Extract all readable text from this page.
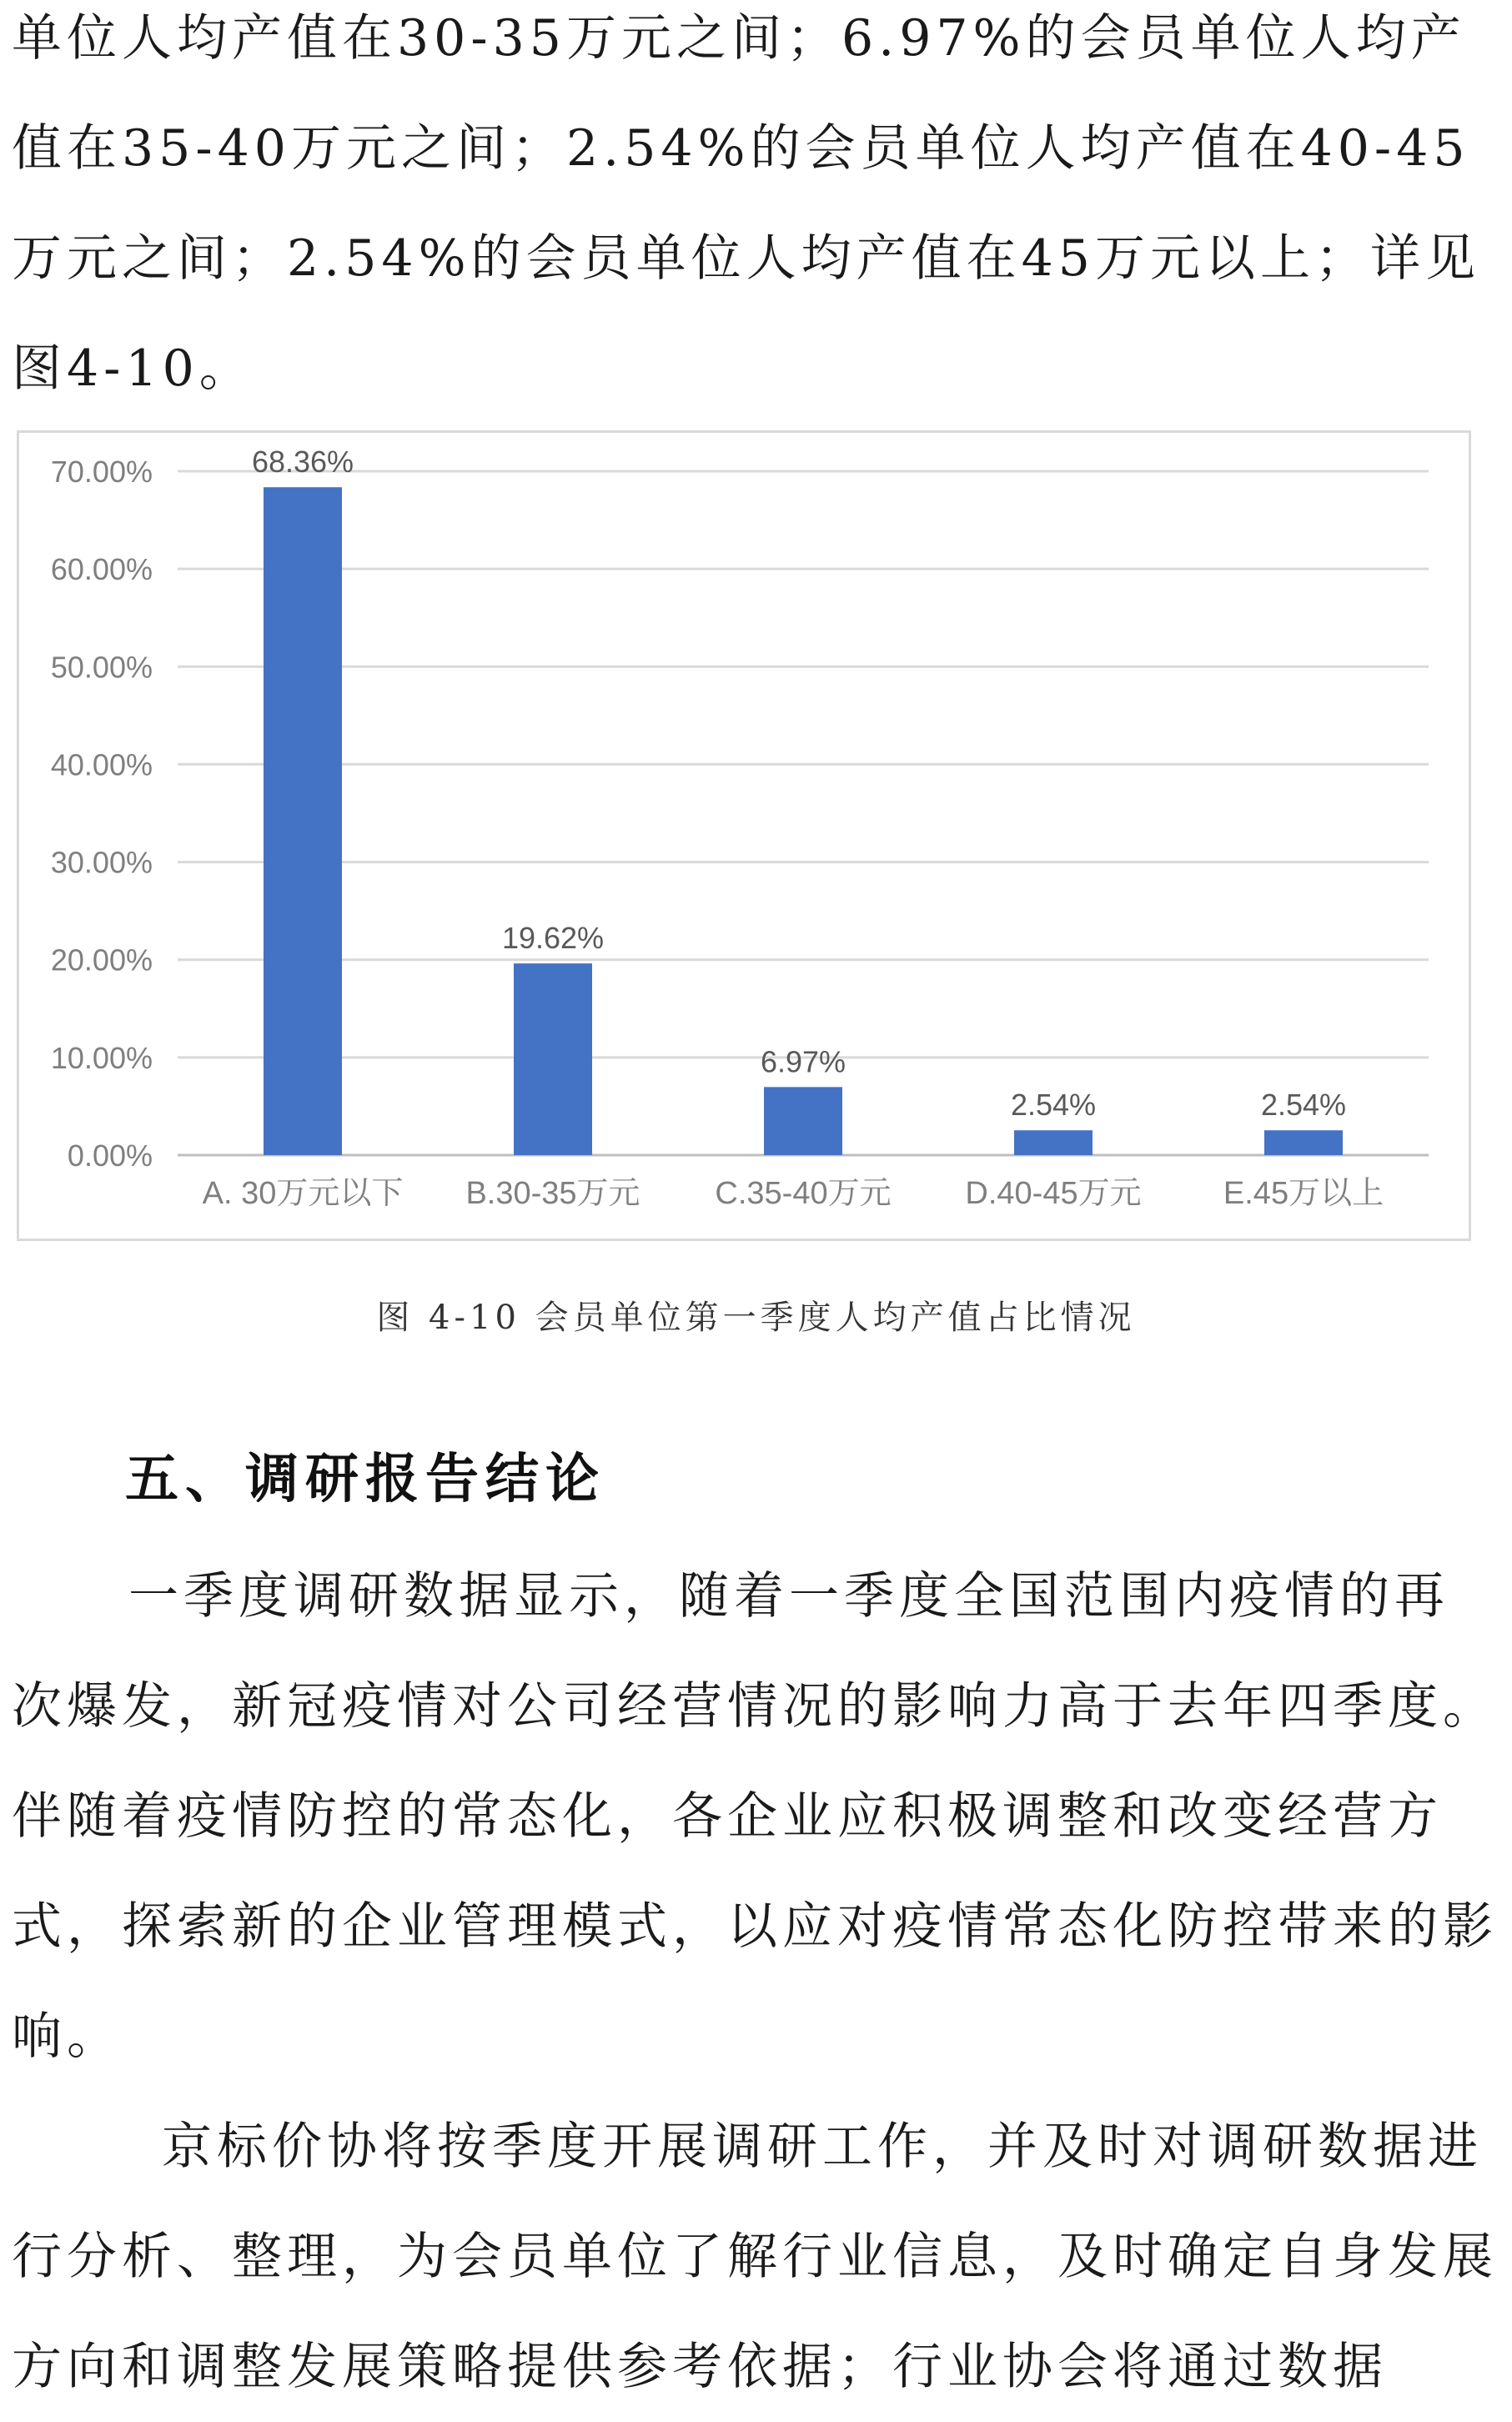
单位人均产值在30-35万元之间；6.97%的会员单位人均产值在35-40万元之间；2.54%的会员单位人均产值在40-45万元之间；2.54%的会员单位人均产值在45万元以上；详见图4-10。

0.00%
10.00%
20.00%
30.00%
40.00%
50.00%
60.00%
70.00%	68.36%
A. 30万元以下
19.62%
B.30-35万元
6.97%
C.35-40万元
2.54%
D.40-45万元
2.54%
E.45万以上
图 4-10 会员单位第一季度人均产值占比情况
五、调研报告结论

一季度调研数据显示，随着一季度全国范围内疫情的再次爆发，新冠疫情对公司经营情况的影响力高于去年四季度。伴随着疫情防控的常态化，各企业应积极调整和改变经营方式，探索新的企业管理模式，以应对疫情常态化防控带来的影响。

京标价协将按季度开展调研工作，并及时对调研数据进行分析、整理，为会员单位了解行业信息，及时确定自身发展方向和调整发展策略提供参考依据；行业协会将通过数据
